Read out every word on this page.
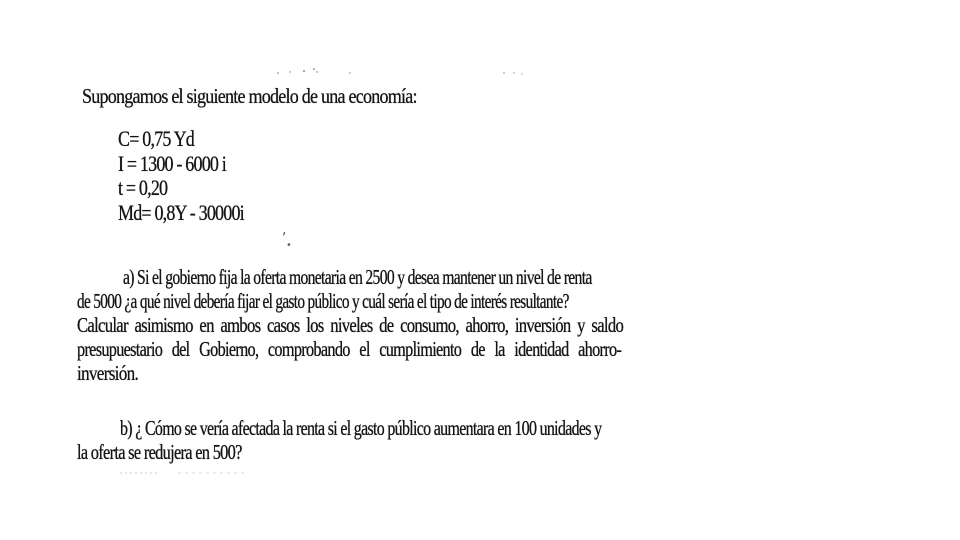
Supongamos el siguiente modelo de una economía:

C= 0,75 Yd
I = 1300 - 6000 i
t = 0,20
Md= 0,8Y - 30000i
,
•

a) Si el gobierno fija la oferta monetaria en 2500 y desea mantener un nivel de renta

de 5000 ¿a qué nivel debería fijar el gasto público y cuál sería el tipo de interés resultante?

Calcular asimismo en ambos casos los niveles de consumo, ahorro, inversión y saldo

presupuestario del Gobierno, comprobando el cumplimiento de la identidad ahorro-

inversión.

b) ¿ Cómo se vería afectada la renta si el gasto público aumentara en 100 unidades y

la oferta se redujera en 500?
